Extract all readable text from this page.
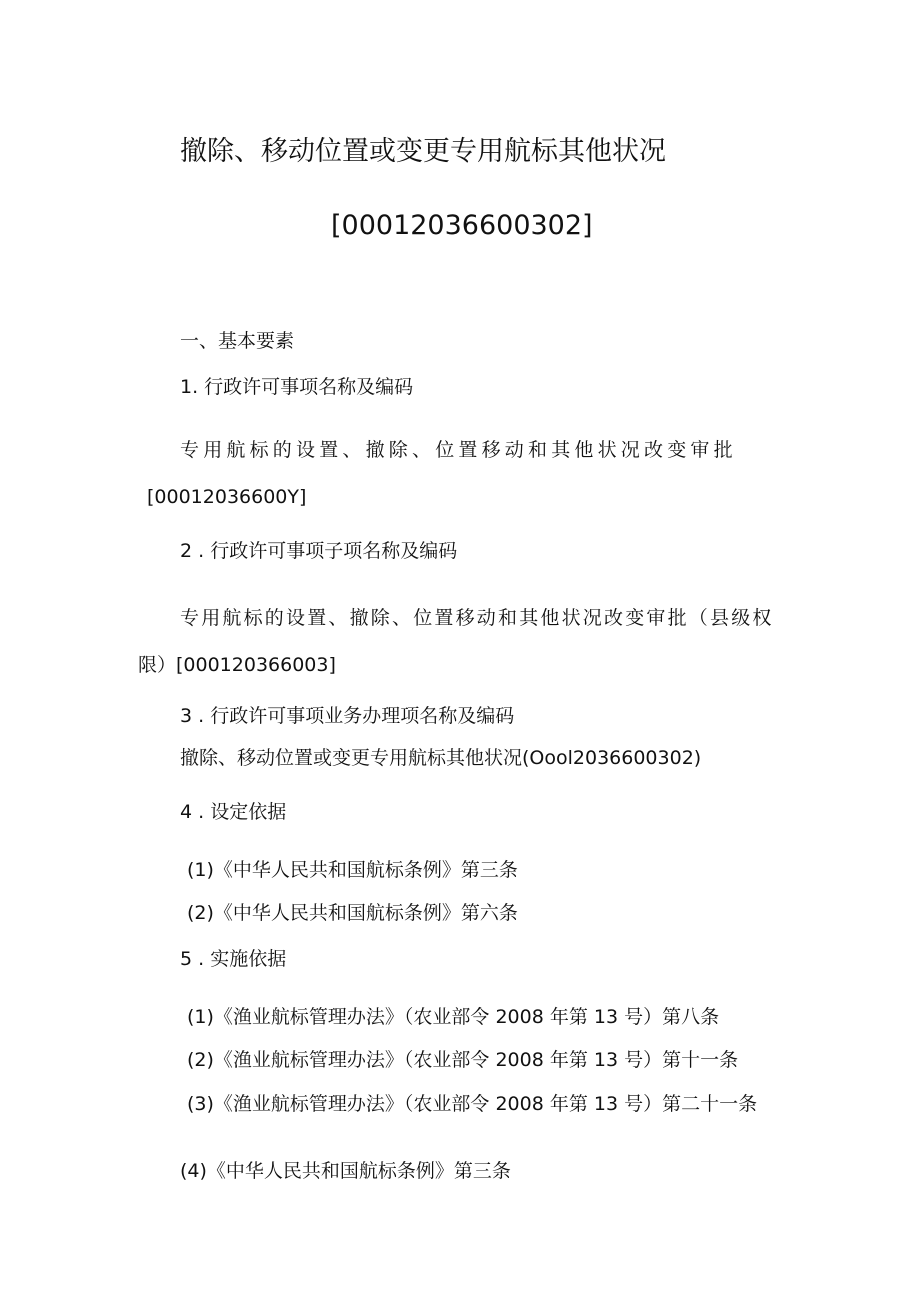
撤除、移动位置或变更专用航标其他状况
[00012036600302]
一、基本要素
1. 行政许可事项名称及编码
专用航标的设置、撤除、位置移动和其他状况改变审批
[00012036600Y]
2 . 行政许可事项子项名称及编码
专用航标的设置、撤除、位置移动和其他状况改变审批（县级权
限）[000120366003]
3 . 行政许可事项业务办理项名称及编码
撤除、移动位置或变更专用航标其他状况(Oool2036600302)
4 . 设定依据
(1)《中华人民共和国航标条例》第三条
(2)《中华人民共和国航标条例》第六条
5 . 实施依据
(1)《渔业航标管理办法》（农业部令 2008 年第 13 号）第八条
(2)《渔业航标管理办法》（农业部令 2008 年第 13 号）第十一条
(3)《渔业航标管理办法》（农业部令 2008 年第 13 号）第二十一条
(4)《中华人民共和国航标条例》第三条
